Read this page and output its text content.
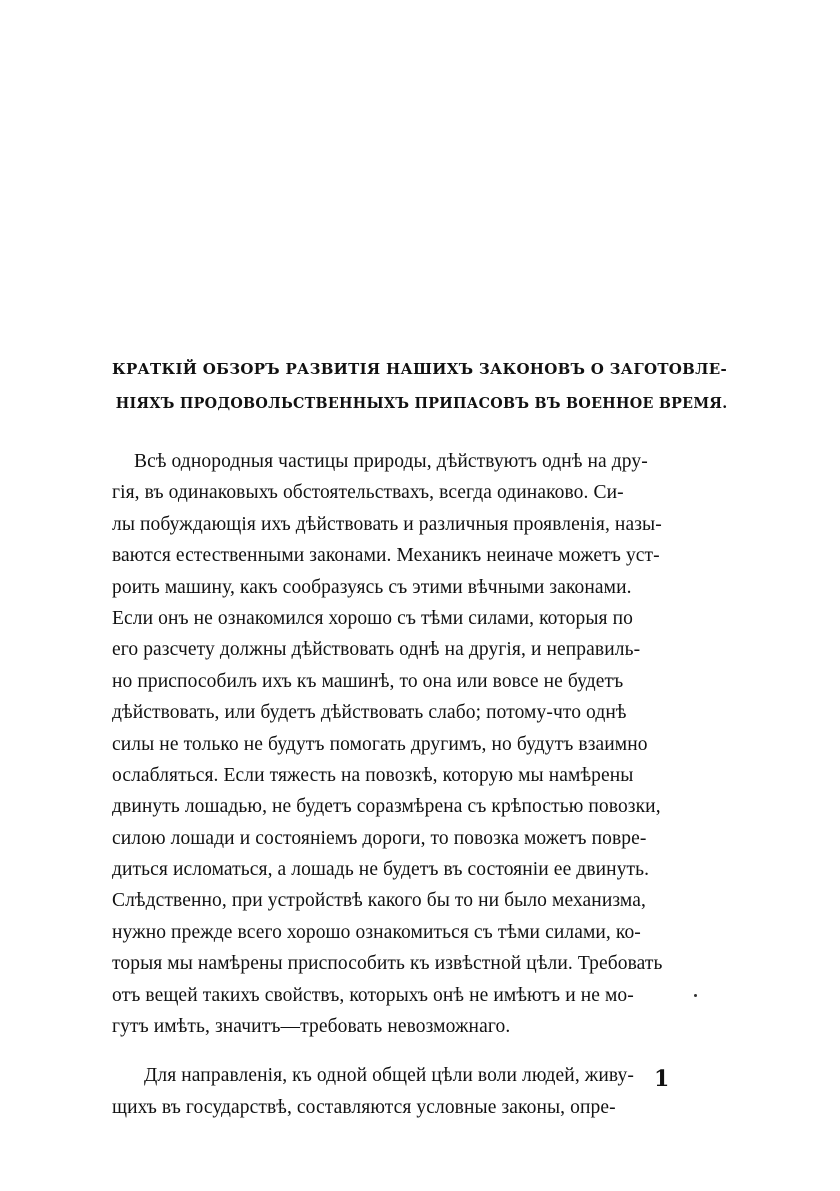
КРАТКІЙ ОБЗОРЪ РАЗВИТІЯ НАШИХЪ ЗАКОНОВЪ О ЗАГОТОВЛЕ-
НІЯХЪ ПРОДОВОЛЬСТВЕННЫХЪ ПРИПАСОВЪ ВЪ ВОЕННОЕ ВРЕМЯ.
Всѣ однородныя частицы природы, дѣйствуютъ однѣ на дру-
гія, въ одинаковыхъ обстоятельствахъ, всегда одинаково. Си-
лы побуждающія ихъ дѣйствовать и различныя проявленія, назы-
ваются естественными законами. Механикъ неиначе можетъ уст-
роить машину, какъ сообразуясь съ этими вѣчными законами.
Если онъ не ознакомился хорошо съ тѣми силами, которыя по
его разсчету должны дѣйствовать однѣ на другія, и неправиль-
но приспособилъ ихъ къ машинѣ, то она или вовсе не будетъ
дѣйствовать, или будетъ дѣйствовать слабо; потому-что однѣ
силы не только не будутъ помогать другимъ, но будутъ взаимно
ослабляться. Если тяжесть на повозкѣ, которую мы намѣрены
двинуть лошадью, не будетъ соразмѣрена съ крѣпостью повозки,
силою лошади и состояніемъ дороги, то повозка можетъ повре-
диться исломаться, а лошадь не будетъ въ состояніи ее двинуть.
Слѣдственно, при устройствѣ какого бы то ни было механизма,
нужно прежде всего хорошо ознакомиться съ тѣми силами, ко-
торыя мы намѣрены приспособить къ извѣстной цѣли. Требовать
отъ вещей такихъ свойствъ, которыхъ онѣ не имѣютъ и не мо-
гутъ имѣть, значитъ—требовать невозможнаго.
Для направленія, къ одной общей цѣли воли людей, живу-
щихъ въ государствѣ, составляются условные законы, опре-
1
